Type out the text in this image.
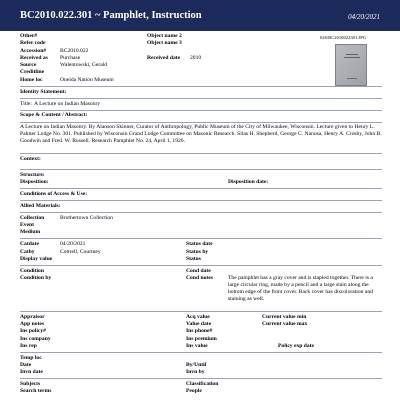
BC2010.022.301 ~ Pamphlet, Instruction	04/20/2021
026\BC2010022301.JPG
Other#	Object name 2
Refer code	Object name 3
Accession# BC2010.022
Received as Purchase	Received date 2010
Source	Walentowski, Gerald
Creditline
Home loc	Oneida Nation Museum
Identity Statement:
Title: A Lecture on Indian Masonry
Scope & Content / Abstract:
A Lecture on Indian Masonry. By Alanson Skinner, Curator of Anthropology, Public Museum of the City of Milwaukee, Wisconsin. Lecture given to Henry L. Palmer Lodge No. 301. Published by Wisconsin Grand Lodge Committee on Masonic Research. Silas H. Shepherd, George C. Nanosa, Henry A. Crosby, John B. Goodwin and Fred. W. Russell. Research Pamphlet No. 24, April 1, 1926.
Context:
Structure:
Disposition:	Disposition date:
Conditions of Access & Use:
Allied Materials:
Collection	Brothertown Collection
Event
Medium
Catdate	04/20/2021	Status date
Catby	Cottrell, Courtney	Status by
Display value	Status
Condition	Cond date
Condition by	Cond notes	The pamphlet has a gray cover and is stapled together. There is a large circular ring, made by a pencil and a large stain along the bottom edge of the front cover. Back cover has discoloration and staining as well.
Appraisor	Acq value	Current value min
App notes	Value date	Current value max
Ins policy#	Ins phone#
Ins company	Ins premium
Ins rep	Ins value	Policy exp date
Temp loc
Date	By/Until
Invn date	Invn by
Subjects	Classification
Search terms	People
